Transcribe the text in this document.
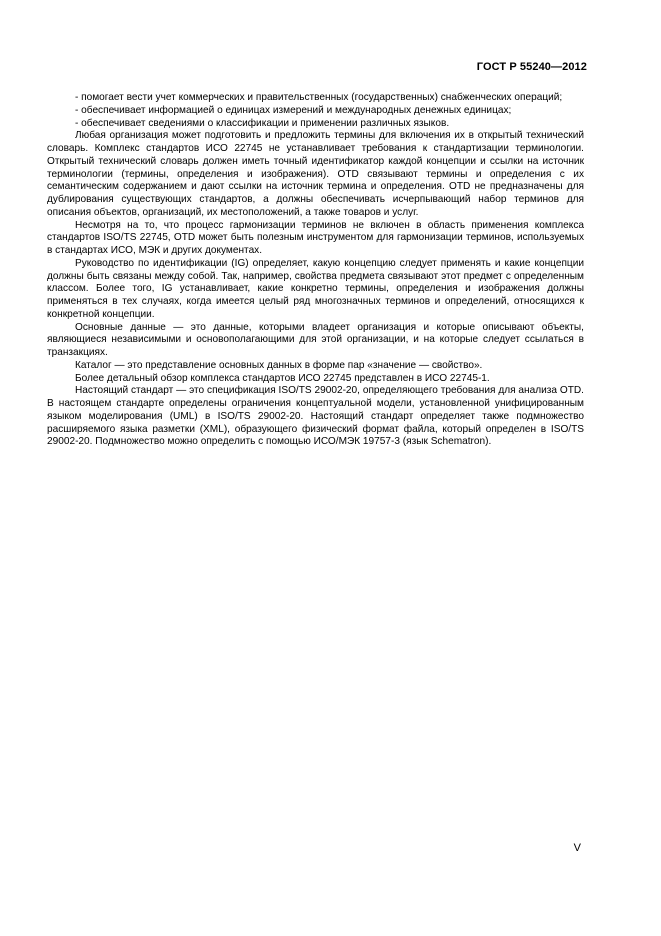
ГОСТ Р 55240—2012

- помогает вести учет коммерческих и правительственных (государственных) снабженческих операций;

- обеспечивает информацией о единицах измерений и международных денежных единицах;

- обеспечивает сведениями о классификации и применении различных языков.

Любая организация может подготовить и предложить термины для включения их в открытый технический словарь. Комплекс стандартов ИСО 22745 не устанавливает требования к стандартизации терминологии. Открытый технический словарь должен иметь точный идентификатор каждой концепции и ссылки на источник терминологии (термины, определения и изображения). OTD связывают термины и определения с их семантическим содержанием и дают ссылки на источник термина и определения. OTD не предназначены для дублирования существующих стандартов, а должны обеспечивать исчерпывающий набор терминов для описания объектов, организаций, их местоположений, а также товаров и услуг.

Несмотря на то, что процесс гармонизации терминов не включен в область применения комплекса стандартов ISO/TS 22745, OTD может быть полезным инструментом для гармонизации терминов, используемых в стандартах ИСО, МЭК и других документах.

Руководство по идентификации (IG) определяет, какую концепцию следует применять и какие концепции должны быть связаны между собой. Так, например, свойства предмета связывают этот предмет с определенным классом. Более того, IG устанавливает, какие конкретно термины, определения и изображения должны применяться в тех случаях, когда имеется целый ряд многозначных терминов и определений, относящихся к конкретной концепции.

Основные данные — это данные, которыми владеет организация и которые описывают объекты, являющиеся независимыми и основополагающими для этой организации, и на которые следует ссылаться в транзакциях.

Каталог — это представление основных данных в форме пар «значение — свойство».

Более детальный обзор комплекса стандартов ИСО 22745 представлен в ИСО 22745-1.

Настоящий стандарт — это спецификация ISO/TS 29002-20, определяющего требования для анализа OTD. В настоящем стандарте определены ограничения концептуальной модели, установленной унифицированным языком моделирования (UML) в ISO/TS 29002-20. Настоящий стандарт определяет также подмножество расширяемого языка разметки (XML), образующего физический формат файла, который определен в ISO/TS 29002-20. Подмножество можно определить с помощью ИСО/МЭК 19757-3 (язык Schematron).

V
